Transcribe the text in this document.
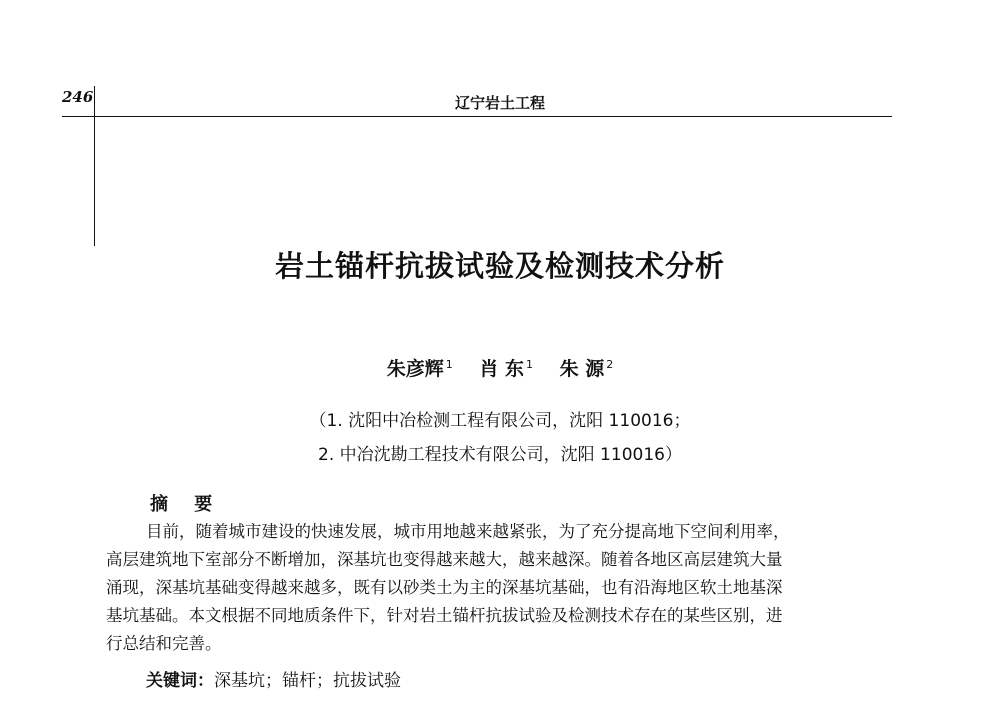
246	辽宁岩土工程
岩土锚杆抗拔试验及检测技术分析
朱彦辉 $^1$ 肖 东 $^1$ 朱 源 $^2$
（1. 沈阳中冶检测工程有限公司，沈阳 110016；
2. 中冶沈勘工程技术有限公司，沈阳 110016）
摘 要
目前，随着城市建设的快速发展，城市用地越来越紧张，为了充分提高地下空间利用率，
高层建筑地下室部分不断增加，深基坑也变得越来越大，越来越深。随着各地区高层建筑大量
涌现，深基坑基础变得越来越多，既有以砂类土为主的深基坑基础，也有沿海地区软土地基深
基坑基础。本文根据不同地质条件下，针对岩土锚杆抗拔试验及检测技术存在的某些区别，进
行总结和完善。
关键词：深基坑；锚杆；抗拔试验
